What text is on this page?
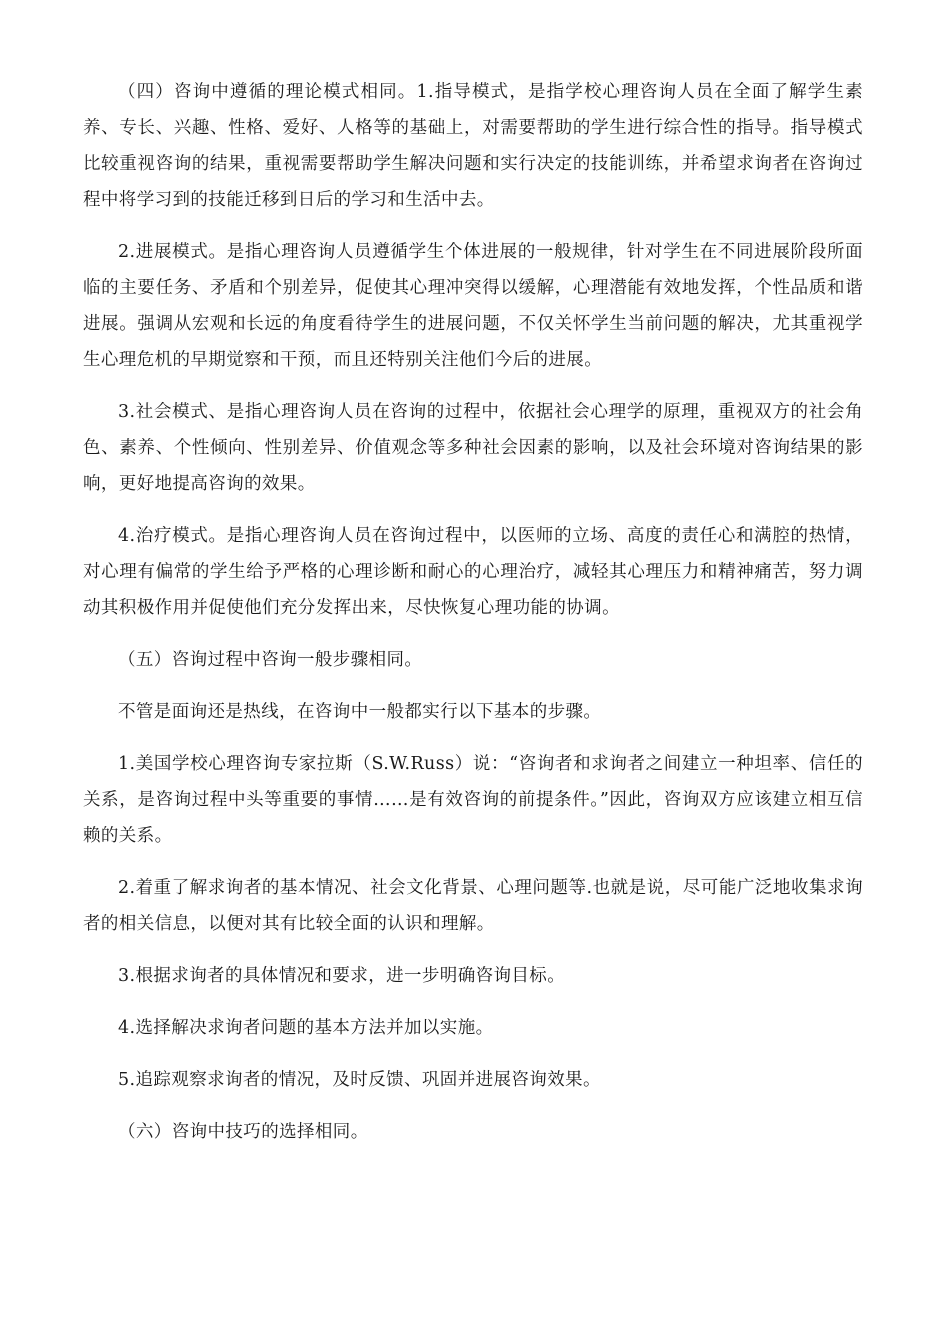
（四）咨询中遵循的理论模式相同。1.指导模式，是指学校心理咨询人员在全面了解学生素养、专长、兴趣、性格、爱好、人格等的基础上，对需要帮助的学生进行综合性的指导。指导模式比较重视咨询的结果，重视需要帮助学生解决问题和实行决定的技能训练，并希望求询者在咨询过程中将学习到的技能迁移到日后的学习和生活中去。

2.进展模式。是指心理咨询人员遵循学生个体进展的一般规律，针对学生在不同进展阶段所面临的主要任务、矛盾和个别差异，促使其心理冲突得以缓解，心理潜能有效地发挥，个性品质和谐进展。强调从宏观和长远的角度看待学生的进展问题，不仅关怀学生当前问题的解决，尤其重视学生心理危机的早期觉察和干预，而且还特别关注他们今后的进展。

3.社会模式、是指心理咨询人员在咨询的过程中，依据社会心理学的原理，重视双方的社会角色、素养、个性倾向、性别差异、价值观念等多种社会因素的影响，以及社会环境对咨询结果的影响，更好地提高咨询的效果。

4.治疗模式。是指心理咨询人员在咨询过程中，以医师的立场、高度的责任心和满腔的热情，对心理有偏常的学生给予严格的心理诊断和耐心的心理治疗，减轻其心理压力和精神痛苦，努力调动其积极作用并促使他们充分发挥出来，尽快恢复心理功能的协调。

（五）咨询过程中咨询一般步骤相同。

不管是面询还是热线，在咨询中一般都实行以下基本的步骤。

1.美国学校心理咨询专家拉斯（S.W.Russ）说：“咨询者和求询者之间建立一种坦率、信任的关系，是咨询过程中头等重要的事情……是有效咨询的前提条件。”因此，咨询双方应该建立相互信赖的关系。

2.着重了解求询者的基本情况、社会文化背景、心理问题等.也就是说，尽可能广泛地收集求询者的相关信息，以便对其有比较全面的认识和理解。

3.根据求询者的具体情况和要求，进一步明确咨询目标。

4.选择解决求询者问题的基本方法并加以实施。

5.追踪观察求询者的情况，及时反馈、巩固并进展咨询效果。

（六）咨询中技巧的选择相同。
